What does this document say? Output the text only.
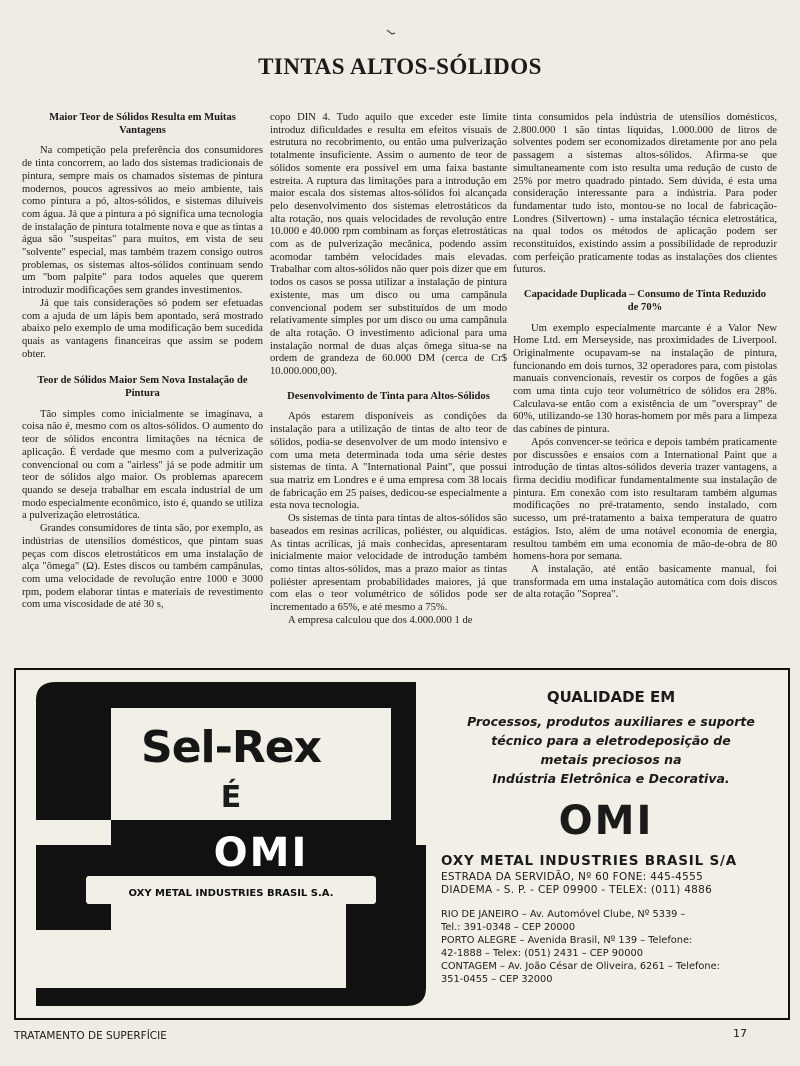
TINTAS ALTOS-SÓLIDOS
Maior Teor de Sólidos Resulta em Muitas Vantagens

Na competição pela preferência dos consumidores de tinta concorrem, ao lado dos sistemas tradicionais de pintura, sempre mais os chamados sistemas de pintura modernos, poucos agressivos ao meio ambiente, tais como pintura a pó, altos-sólidos, e sistemas diluíveis com água. Já que a pintura a pó significa uma tecnologia de instalação de pintura totalmente nova e que as tintas a água são "suspeitas" para muitos, em vista de seu "solvente" especial, mas também trazem consigo outros problemas, os sistemas altos-sólidos continuam sendo um "bom palpite" para todos aqueles que querem introduzir modificações sem grandes investimentos.

Já que tais considerações só podem ser efetuadas com a ajuda de um lápis bem apontado, será mostrado abaixo pelo exemplo de uma modificação bem sucedida quais as vantagens financeiras que assim se podem obter.

Teor de Sólidos Maior Sem Nova Instalação de Pintura

Tão simples como inicialmente se imaginava, a coisa não é, mesmo com os altos-sólidos. O aumento do teor de sólidos encontra limitações na técnica de aplicação. É verdade que mesmo com a pulverização convencional ou com a "airless" já se pode admitir um teor de sólidos algo maior. Os problemas aparecem quando se deseja trabalhar em escala industrial de um modo especialmente econômico, isto é, quando se utiliza a pulverização eletrostática.

Grandes consumidores de tinta são, por exemplo, as indústrias de utensílios domésticos, que pintam suas peças com discos eletrostáticos em uma instalação de alça "ômega" (Ω). Estes discos ou também campânulas, com uma velocidade de revolução entre 1000 e 3000 rpm, podem elaborar tintas e materiais de revestimento com uma viscosidade de até 30 s,

copo DIN 4. Tudo aquilo que exceder este limite introduz dificuldades e resulta em efeitos visuais de estrutura no recobrimento, ou então uma pulverização totalmente insuficiente. Assim o aumento de teor de sólidos somente era possível em uma faixa bastante estreita. A ruptura das limitações para a introdução em maior escala dos sistemas altos-sólidos foi alcançada pelo desenvolvimento dos sistemas eletrostáticos da alta rotação, nos quais velocidades de revolução entre 10.000 e 40.000 rpm combinam as forças eletrostáticas com as de pulverização mecânica, podendo assim acomodar também velocidades mais elevadas. Trabalhar com altos-sólidos não quer pois dizer que em todos os casos se possa utilizar a instalação de pintura existente, mas um disco ou uma campânula convencional podem ser substituídos de um modo relativamente simples por um disco ou uma campânula de alta rotação. O investimento adicional para uma instalação normal de duas alças ômega situa-se na ordem de grandeza de 60.000 DM (cerca de Cr$ 10.000.000,00).

Desenvolvimento de Tinta para Altos-Sólidos

Após estarem disponíveis as condições da instalação para a utilização de tintas de alto teor de sólidos, podia-se desenvolver de um modo intensivo e com uma meta determinada toda uma série destes sistemas de tinta. A "International Paint", que possui sua matriz em Londres e é uma empresa com 38 locais de fabricação em 25 países, dedicou-se especialmente a esta nova tecnologia.

Os sistemas de tinta para tintas de altos-sólidos são baseados em resinas acrílicas, poliéster, ou alquídicas. As tintas acrílicas, já mais conhecidas, apresentaram inicialmente maior velocidade de introdução também como tintas altos-sólidos, mas a prazo maior as tintas poliéster apresentam probabilidades maiores, já que com elas o teor volumétrico de sólidos pode ser incrementado a 65%, e até mesmo a 75%.

A empresa calculou que dos 4.000.000 1 de

tinta consumidos pela indústria de utensílios domésticos, 2.800.000 1 são tintas líquidas, 1.000.000 de litros de solventes podem ser economizados diretamente por ano pela passagem a sistemas altos-sólidos. Afirma-se que simultaneamente com isto resulta uma redução de custo de 25% por metro quadrado pintado. Sem dúvida, é esta uma consideração interessante para a indústria. Para poder fundamentar tudo isto, montou-se no local de fabricação-Londres (Silvertown) - uma instalação técnica eletrostática, na qual todos os métodos de aplicação podem ser reconstituídos, existindo assim a possibilidade de reproduzir com perfeição praticamente todas as instalações dos clientes futuros.

Capacidade Duplicada – Consumo de Tinta Reduzido de 70%

Um exemplo especialmente marcante é a Valor New Home Ltd. em Merseyside, nas proximidades de Liverpool. Originalmente ocupavam-se na instalação de pintura, funcionando em dois turnos, 32 operadores para, com pistolas manuais convencionais, revestir os corpos de fogões a gás com uma tinta cujo teor volumétrico de sólidos era 28%. Calculava-se então com a existência de um "overspray" de 60%, utilizando-se 130 horas-homem por mês para a limpeza das cabines de pintura.

Após convencer-se teórica e depois também praticamente por discussões e ensaios com a International Paint que a introdução de tintas altos-sólidos deveria trazer vantagens, a firma decidiu modificar fundamentalmente sua instalação de pintura. Em conexão com isto resultaram também algumas modificações no pré-tratamento, sendo instalado, com sucesso, um pré-tratamento a baixa temperatura de quatro estágios. Isto, além de uma notável economia de energia, resultou também em uma economia de mão-de-obra de 80 homens-hora por semana.

A instalação, até então basicamente manual, foi transformada em uma instalação automática com dois discos de alta rotação "Soprea".

Sel-Rex
É
OMI
OXY METAL INDUSTRIES BRASIL S.A.
QUALIDADE EM
Processos, produtos auxiliares e suporte
técnico para a eletrodeposição de
metais preciosos na
Indústria Eletrônica e Decorativa.
OMI
OXY METAL INDUSTRIES BRASIL S/A
ESTRADA DA SERVIDÃO, Nº 60 FONE: 445-4555
DIADEMA - S. P. - CEP 09900 - TELEX: (011) 4886
RIO DE JANEIRO – Av. Automóvel Clube, Nº 5339 –
Tel.: 391-0348 – CEP 20000
PORTO ALEGRE – Avenida Brasil, Nº 139 – Telefone:
42-1888 – Telex: (051) 2431 – CEP 90000
CONTAGEM – Av. João César de Oliveira, 6261 – Telefone:
351-0455 – CEP 32000
TRATAMENTO DE SUPERFÍCIE	17
